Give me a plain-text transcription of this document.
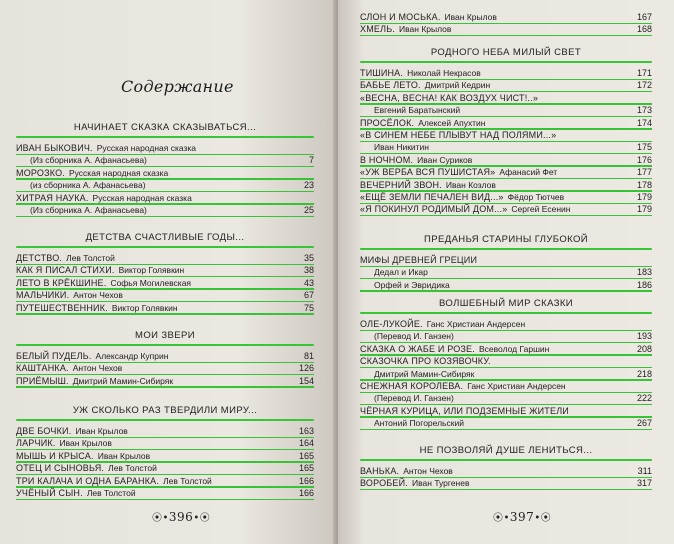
Содержание
НАЧИНАЕТ СКАЗКА СКАЗЫВАТЬСЯ...
ИВАН БЫКОВИЧ. Русская народная сказка
(Из сборника А. Афанасьева)	7
МОРОЗКО. Русская народная сказка
(из сборника А. Афанасьева)	23
ХИТРАЯ НАУКА. Русская народная сказка
(Из сборника А. Афанасьева)	25
ДЕТСТВА СЧАСТЛИВЫЕ ГОДЫ...
ДЕТСТВО. Лев Толстой	35
КАК Я ПИСАЛ СТИХИ. Виктор Голявкин	38
ЛЕТО В КРЁКШИНЕ. Софья Могилевская	43
МАЛЬЧИКИ. Антон Чехов	67
ПУТЕШЕСТВЕННИК. Виктор Голявкин	75
МОИ ЗВЕРИ
БЕЛЫЙ ПУДЕЛЬ. Александр Куприн	81
КАШТАНКА. Антон Чехов	126
ПРИЁМЫШ. Дмитрий Мамин-Сибиряк	154
УЖ СКОЛЬКО РАЗ ТВЕРДИЛИ МИРУ...
ДВЕ БОЧКИ. Иван Крылов	163
ЛАРЧИК. Иван Крылов	164
МЫШЬ И КРЫСА. Иван Крылов	165
ОТЕЦ И СЫНОВЬЯ. Лев Толстой	165
ТРИ КАЛАЧА И ОДНА БАРАНКА. Лев Толстой	166
УЧЁНЫЙ СЫН. Лев Толстой	166
⦿•396•⦿
СЛОН И МОСЬКА. Иван Крылов	167
ХМЕЛЬ. Иван Крылов	168
РОДНОГО НЕБА МИЛЫЙ СВЕТ
ТИШИНА. Николай Некрасов	171
БАБЬЕ ЛЕТО. Дмитрий Кедрин	172
«ВЕСНА, ВЕСНА! КАК ВОЗДУХ ЧИСТ!..»
Евгений Баратынский	173
ПРОСЁЛОК. Алексей Апухтин	174
«В СИНЕМ НЕБЕ ПЛЫВУТ НАД ПОЛЯМИ...»
Иван Никитин	175
В НОЧНОМ. Иван Суриков	176
«УЖ ВЕРБА ВСЯ ПУШИСТАЯ» Афанасий Фет	177
ВЕЧЕРНИЙ ЗВОН. Иван Козлов	178
«ЕЩЁ ЗЕМЛИ ПЕЧАЛЕН ВИД...» Фёдор Тютчев	179
«Я ПОКИНУЛ РОДИМЫЙ ДОМ...» Сергей Есенин	179
ПРЕДАНЬЯ СТАРИНЫ ГЛУБОКОЙ
МИФЫ ДРЕВНЕЙ ГРЕЦИИ
Дедал и Икар	183
Орфей и Эвридика	186
ВОЛШЕБНЫЙ МИР СКАЗКИ
ОЛЕ-ЛУКОЙЕ. Ганс Христиан Андерсен
(Перевод И. Ганзен)	193
СКАЗКА О ЖАБЕ И РОЗЕ. Всеволод Гаршин	208
СКАЗОЧКА ПРО КОЗЯВОЧКУ.
Дмитрий Мамин-Сибиряк	218
СНЕЖНАЯ КОРОЛЕВА. Ганс Христиан Андерсен
(Перевод И. Ганзен)	222
ЧЁРНАЯ КУРИЦА, ИЛИ ПОДЗЕМНЫЕ ЖИТЕЛИ
Антоний Погорельский	267
НЕ ПОЗВОЛЯЙ ДУШЕ ЛЕНИТЬСЯ...
ВАНЬКА. Антон Чехов	311
ВОРОБЕЙ. Иван Тургенев	317
⦿•397•⦿
